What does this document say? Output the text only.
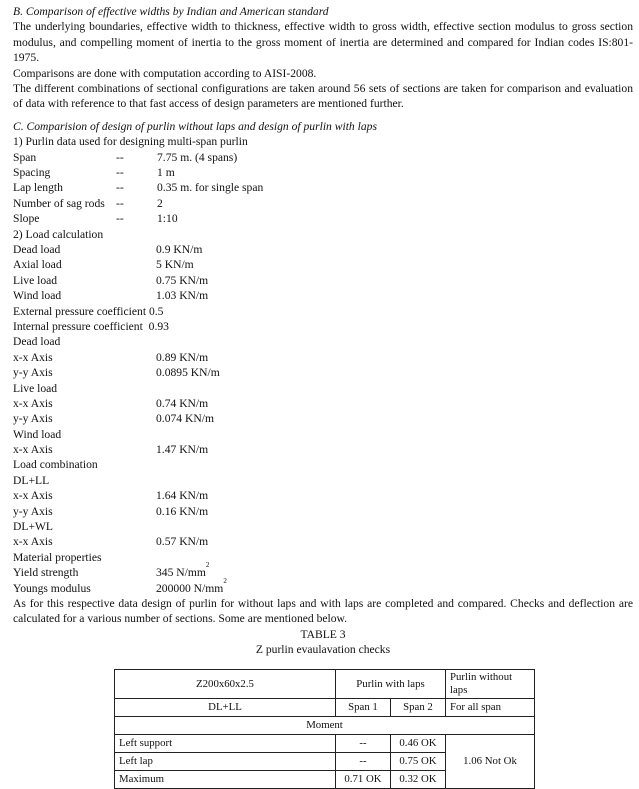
B. Comparison of effective widths by Indian and American standard

The underlying boundaries, effective width to thickness, effective width to gross width, effective section modulus to gross section modulus, and compelling moment of inertia to the gross moment of inertia are determined and compared for Indian codes IS:801-1975.

Comparisons are done with computation according to AISI-2008.

The different combinations of sectional configurations are taken around 56 sets of sections are taken for comparison and evaluation of data with reference to that fast access of design parameters are mentioned further.

C. Comparision of design of purlin without laps and design of purlin with laps

1) Purlin data used for designing multi-span purlin

Span	--	7.75 m. (4 spans)
Spacing	--	1 m
Lap length	--	0.35 m. for single span
Number of sag rods --	2
Slope	--	1:10

2) Load calculation

Dead load	0.9 KN/m
Axial load	5 KN/m
Live load	0.75 KN/m
Wind load	1.03 KN/m
External pressure coefficient
0.5
Internal pressure coefficient
0.93
Dead load
x-x Axis	0.89 KN/m
y-y Axis	0.0895 KN/m
Live load
x-x Axis	0.74 KN/m
y-y Axis	0.074 KN/m
Wind load
x-x Axis	1.47 KN/m
Load combination
DL+LL
x-x Axis	1.64 KN/m
y-y Axis	0.16 KN/m
DL+WL
x-x Axis	0.57 KN/m
Material properties
Yield strength	345 N/mm
2
Youngs modulus	200000 N/mm
2

As for this respective data design of purlin for without laps and with laps are completed and compared. Checks and deflection are calculated for a various number of sections. Some are mentioned below.

TABLE 3

Z purlin evaulavation checks

Z200x60x2.5	Purlin with laps		Purlin without laps
DL+LL	Span 1	Span 2	For all span
Moment			
Left support	--	0.46 OK	1.06 Not Ok
Left lap	--	0.75 OK	
Maximum	0.71 OK	0.32 OK	
